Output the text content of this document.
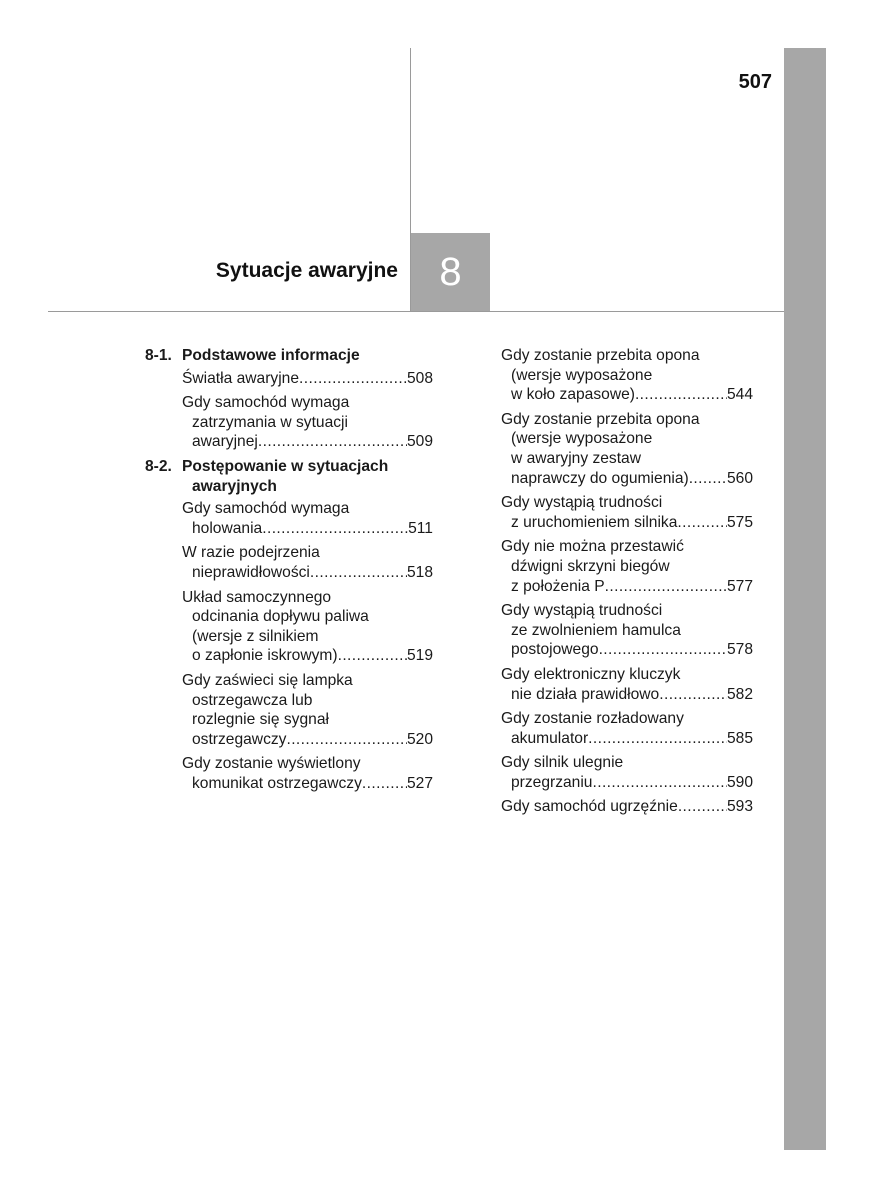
507
Sytuacje awaryjne 8
8-1. Podstawowe informacje
Światła awaryjne .....	508
Gdy samochód wymaga
zatrzymania w sytuacji
awaryjnej .....	509
8-2. Postępowanie w sytuacjach
awaryjnych
Gdy samochód wymaga
holowania .....	511
W razie podejrzenia
nieprawidłowości .....	518
Układ samoczynnego
odcinania dopływu paliwa
(wersje z silnikiem
o zapłonie iskrowym) .....	519
Gdy zaświeci się lampka
ostrzegawcza lub
rozlegnie się sygnał
ostrzegawczy .....	520
Gdy zostanie wyświetlony
komunikat ostrzegawczy .....	527
Gdy zostanie przebita opona
(wersje wyposażone
w koło zapasowe) .....	544
Gdy zostanie przebita opona
(wersje wyposażone
w awaryjny zestaw
naprawczy do ogumienia) ..... 560
Gdy wystąpią trudności
z uruchomieniem silnika .....	575
Gdy nie można przestawić
dźwigni skrzyni biegów
z położenia P .....	577
Gdy wystąpią trudności
ze zwolnieniem hamulca
postojowego .....	578
Gdy elektroniczny kluczyk
nie działa prawidłowo .....	582
Gdy zostanie rozładowany
akumulator .....	585
Gdy silnik ulegnie
przegrzaniu .....	590
Gdy samochód ugrzęźnie .....	593
